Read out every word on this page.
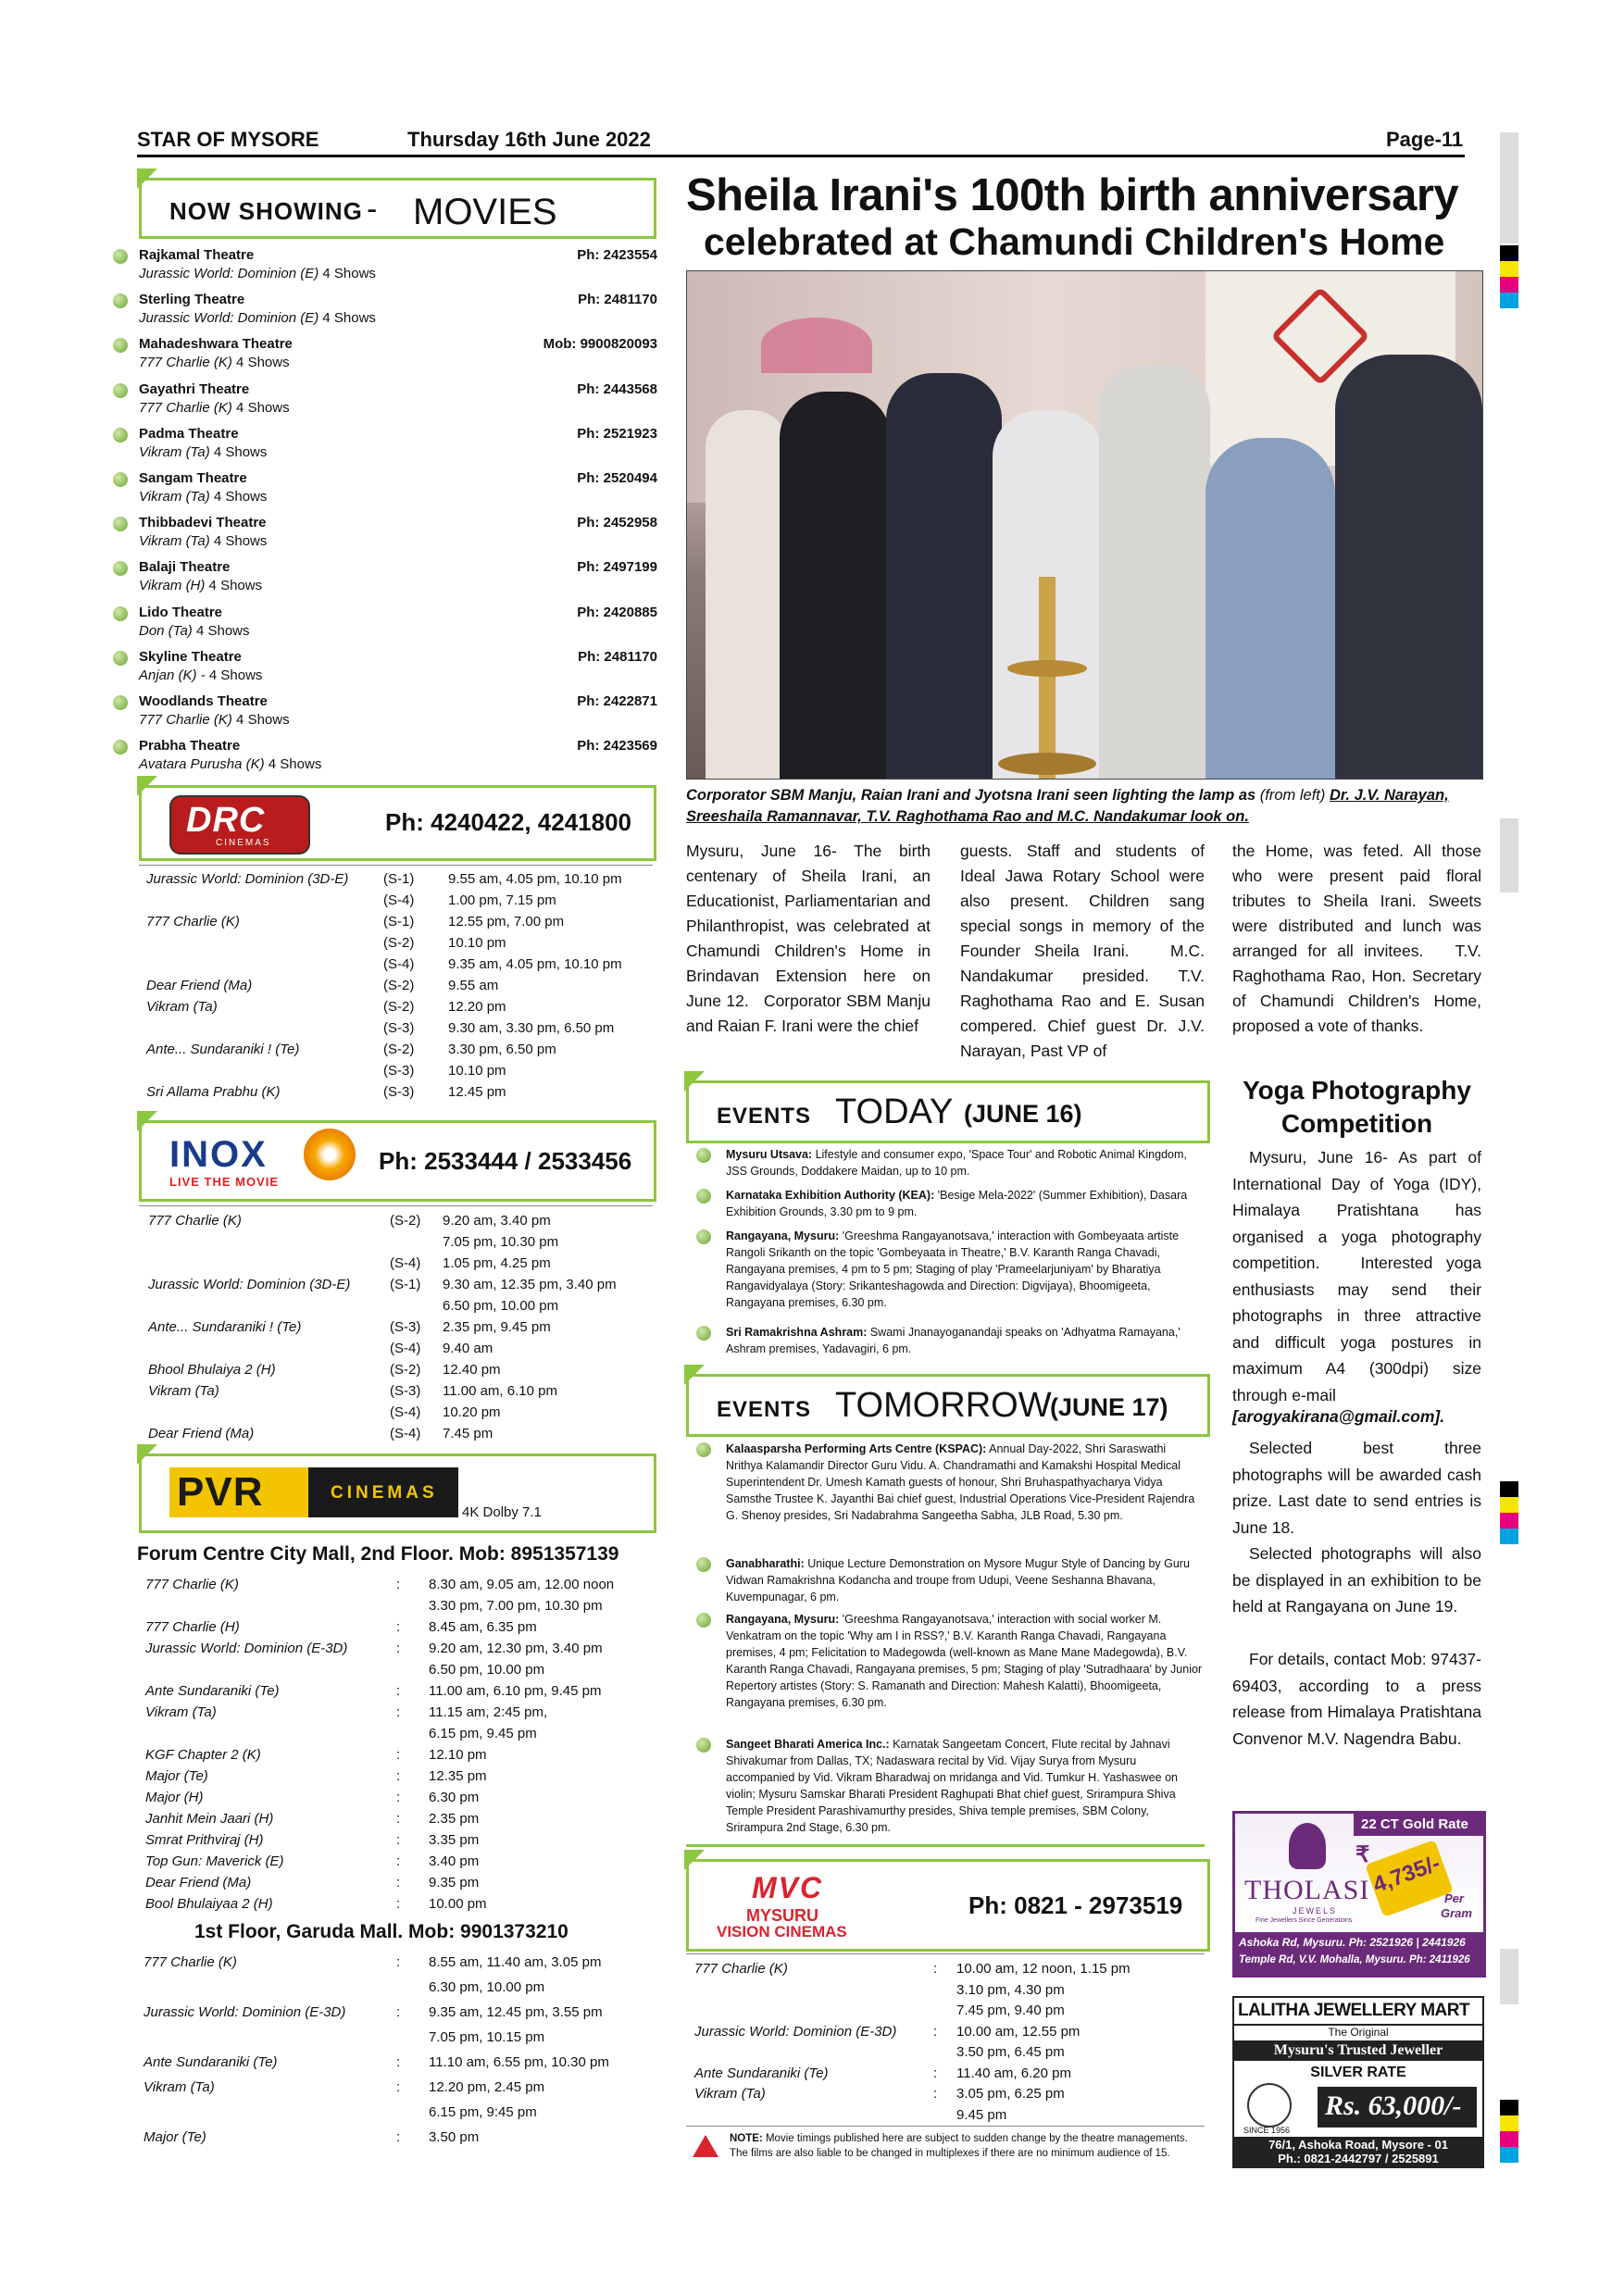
STAR OF MYSORE	Thursday 16th June 2022	Page-11
NOW SHOWING - MOVIES
Rajkamal Theatre	Ph: 2423554
Jurassic World: Dominion (E) 4 Shows
Sterling Theatre	Ph: 2481170
Jurassic World: Dominion (E) 4 Shows
Mahadeshwara Theatre	Mob: 9900820093
777 Charlie (K) 4 Shows
Gayathri Theatre	Ph: 2443568
777 Charlie (K) 4 Shows
Padma Theatre	Ph: 2521923
Vikram (Ta) 4 Shows
Sangam Theatre	Ph: 2520494
Vikram (Ta) 4 Shows
Thibbadevi Theatre	Ph: 2452958
Vikram (Ta) 4 Shows
Balaji Theatre	Ph: 2497199
Vikram (H) 4 Shows
Lido Theatre	Ph: 2420885
Don (Ta) 4 Shows
Skyline Theatre	Ph: 2481170
Anjan (K) - 4 Shows
Woodlands Theatre	Ph: 2422871
777 Charlie (K) 4 Shows
Prabha Theatre	Ph: 2423569
Avatara Purusha (K) 4 Shows
DRC
CINEMAS
Ph: 4240422, 4241800
Jurassic World: Dominion (3D-E)	(S-1) 9.55 am, 4.05 pm, 10.10 pm
(S-4) 1.00 pm, 7.15 pm
777 Charlie (K)	(S-1) 12.55 pm, 7.00 pm
(S-2) 10.10 pm
(S-4) 9.35 am, 4.05 pm, 10.10 pm
Dear Friend (Ma)	(S-2) 9.55 am
Vikram (Ta)	(S-2) 12.20 pm
(S-3) 9.30 am, 3.30 pm, 6.50 pm
Ante... Sundaraniki ! (Te)	(S-2) 3.30 pm, 6.50 pm
(S-3) 10.10 pm
Sri Allama Prabhu (K)	(S-3) 12.45 pm
INOX
LIVE THE MOVIE
Ph: 2533444 / 2533456
777 Charlie (K)	(S-2) 9.20 am, 3.40 pm
7.05 pm, 10.30 pm
(S-4) 1.05 pm, 4.25 pm
Jurassic World: Dominion (3D-E)	(S-1) 9.30 am, 12.35 pm, 3.40 pm
6.50 pm, 10.00 pm
Ante... Sundaraniki ! (Te)	(S-3) 2.35 pm, 9.45 pm
(S-4) 9.40 am
Bhool Bhulaiya 2 (H)	(S-2) 12.40 pm
Vikram (Ta)	(S-3) 11.00 am, 6.10 pm
(S-4) 10.20 pm
Dear Friend (Ma)	(S-4) 7.45 pm
PVR	CINEMAS
4K Dolby 7.1
Forum Centre City Mall, 2nd Floor. Mob: 8951357139
777 Charlie (K)	: 8.30 am, 9.05 am, 12.00 noon
3.30 pm, 7.00 pm, 10.30 pm
777 Charlie (H)	: 8.45 am, 6.35 pm
Jurassic World: Dominion (E-3D)	: 9.20 am, 12.30 pm, 3.40 pm
6.50 pm, 10.00 pm
Ante Sundaraniki (Te)	: 11.00 am, 6.10 pm, 9.45 pm
Vikram (Ta)	: 11.15 am, 2:45 pm,
6.15 pm, 9.45 pm
KGF Chapter 2 (K)	: 12.10 pm
Major (Te)	: 12.35 pm
Major (H)	: 6.30 pm
Janhit Mein Jaari (H)	: 2.35 pm
Smrat Prithviraj (H)	: 3.35 pm
Top Gun: Maverick (E)	: 3.40 pm
Dear Friend (Ma)	: 9.35 pm
Bool Bhulaiyaa 2 (H)	: 10.00 pm
1st Floor, Garuda Mall. Mob: 9901373210
777 Charlie (K)	: 8.55 am, 11.40 am, 3.05 pm
6.30 pm, 10.00 pm
Jurassic World: Dominion (E-3D)	: 9.35 am, 12.45 pm, 3.55 pm
7.05 pm, 10.15 pm
Ante Sundaraniki (Te)	: 11.10 am, 6.55 pm, 10.30 pm
Vikram (Ta)	: 12.20 pm, 2.45 pm
6.15 pm, 9:45 pm
Major (Te)	: 3.50 pm
Sheila Irani's 100th birth anniversary
celebrated at Chamundi Children's Home
Corporator SBM Manju, Raian Irani and Jyotsna Irani seen lighting the lamp as (from left) Dr. J.V. Narayan, Sreeshaila Ramannavar, T.V. Raghothama Rao and M.C. Nandakumar look on.
Mysuru, June 16- The birth centenary of Sheila Irani, an Educationist, Parliamentarian and Philanthropist, was celebrated at Chamundi Children's Home in Brindavan Extension here on June 12.   Corporator SBM Manju and Raian F. Irani were the chief
guests. Staff and students of Ideal Jawa Rotary School were also present. Children sang special songs in memory of the Founder Sheila Irani.   M.C. Nandakumar presided. T.V. Raghothama Rao and E. Susan compered. Chief guest Dr. J.V. Narayan, Past VP of
the Home, was feted. All those who were present paid floral tributes to Sheila Irani. Sweets were distributed and lunch was arranged for all invitees.   T.V. Raghothama Rao, Hon. Secretary of Chamundi Children's Home, proposed a vote of thanks.
EVENTS TODAY (JUNE 16)
Mysuru Utsava: Lifestyle and consumer expo, 'Space Tour' and Robotic Animal Kingdom, JSS Grounds, Doddakere Maidan, up to 10 pm.
Karnataka Exhibition Authority (KEA): 'Besige Mela-2022' (Summer Exhibition), Dasara Exhibition Grounds, 3.30 pm to 9 pm.
Rangayana, Mysuru: 'Greeshma Rangayanotsava,' interaction with Gombeyaata artiste Rangoli Srikanth on the topic 'Gombeyaata in Theatre,' B.V. Karanth Ranga Chavadi, Rangayana premises, 4 pm to 5 pm; Staging of play 'Prameelarjuniyam' by Bharatiya Rangavidyalaya (Story: Srikanteshagowda and Direction: Digvijaya), Bhoomigeeta, Rangayana premises, 6.30 pm.
Sri Ramakrishna Ashram: Swami Jnanayoganandaji speaks on 'Adhyatma Ramayana,' Ashram premises, Yadavagiri, 6 pm.
EVENTS TOMORROW
(JUNE 17)
Kalaasparsha Performing Arts Centre (KSPAC): Annual Day-2022, Shri Saraswathi Nrithya Kalamandir Director Guru Vidu. A. Chandramathi and Kamakshi Hospital Medical Superintendent Dr. Umesh Kamath guests of honour, Shri Bruhaspathyacharya Vidya Samsthe Trustee K. Jayanthi Bai chief guest, Industrial Operations Vice-President Rajendra G. Shenoy presides, Sri Nadabrahma Sangeetha Sabha, JLB Road, 5.30 pm.
Ganabharathi: Unique Lecture Demonstration on Mysore Mugur Style of Dancing by Guru Vidwan Ramakrishna Kodancha and troupe from Udupi, Veene Seshanna Bhavana, Kuvempunagar, 6 pm.
Rangayana, Mysuru: 'Greeshma Rangayanotsava,' interaction with social worker M. Venkatram on the topic 'Why am I in RSS?,' B.V. Karanth Ranga Chavadi, Rangayana premises, 4 pm; Felicitation to Madegowda (well-known as Mane Mane Madegowda), B.V. Karanth Ranga Chavadi, Rangayana premises, 5 pm; Staging of play 'Sutradhaara' by Junior Repertory artistes (Story: S. Ramanath and Direction: Mahesh Kalatti), Bhoomigeeta, Rangayana premises, 6.30 pm.
Sangeet Bharati America Inc.: Karnatak Sangeetam Concert, Flute recital by Jahnavi Shivakumar from Dallas, TX; Nadaswara recital by Vid. Vijay Surya from Mysuru accompanied by Vid. Vikram Bharadwaj on mridanga and Vid. Tumkur H. Yashaswee on violin; Mysuru Samskar Bharati President Raghupati Bhat chief guest, Srirampura Shiva Temple President Parashivamurthy presides, Shiva temple premises, SBM Colony, Srirampura 2nd Stage, 6.30 pm.
Yoga Photography
Competition
Mysuru, June 16- As part of International Day of Yoga (IDY), Himalaya Pratishtana has organised a yoga photography competition.   Interested yoga enthusiasts may send their photographs in three attractive and difficult yoga postures in maximum A4 (300dpi) size through e-mail
[arogyakirana@gmail.com].
Selected best three photographs will be awarded cash prize. Last date to send entries is June 18.
Selected photographs will also be displayed in an exhibition to be held at Rangayana on June 19.
For details, contact Mob: 97437-69403, according to a press release from Himalaya Pratishtana Convenor M.V. Nagendra Babu.
MVC
MYSURU
VISION CINEMAS
Ph: 0821 - 2973519
777 Charlie (K)	: 10.00 am, 12 noon, 1.15 pm
3.10 pm, 4.30 pm
7.45 pm, 9.40 pm
Jurassic World: Dominion (E-3D)	: 10.00 am, 12.55 pm
3.50 pm, 6.45 pm
Ante Sundaraniki (Te)	: 11.40 am, 6.20 pm
Vikram (Ta)	: 3.05 pm, 6.25 pm
9.45 pm
NOTE: Movie timings published here are subject to sudden change by the theatre managements. The films are also liable to be changed in multiplexes if there are no minimum audience of 15.
THOLASI
JEWELS
Fine Jewellers Since Generations
22 CT Gold Rate
₹ 4,735/-
Per
Gram
Ashoka Rd, Mysuru. Ph: 2521926 | 2441926
Temple Rd, V.V. Mohalla, Mysuru. Ph: 2411926
LALITHA JEWELLERY MART
The Original
Mysuru's Trusted Jeweller
SILVER RATE
SINCE 1956
Rs. 63,000/-
76/1, Ashoka Road, Mysore - 01
Ph.: 0821-2442797 / 2525891
